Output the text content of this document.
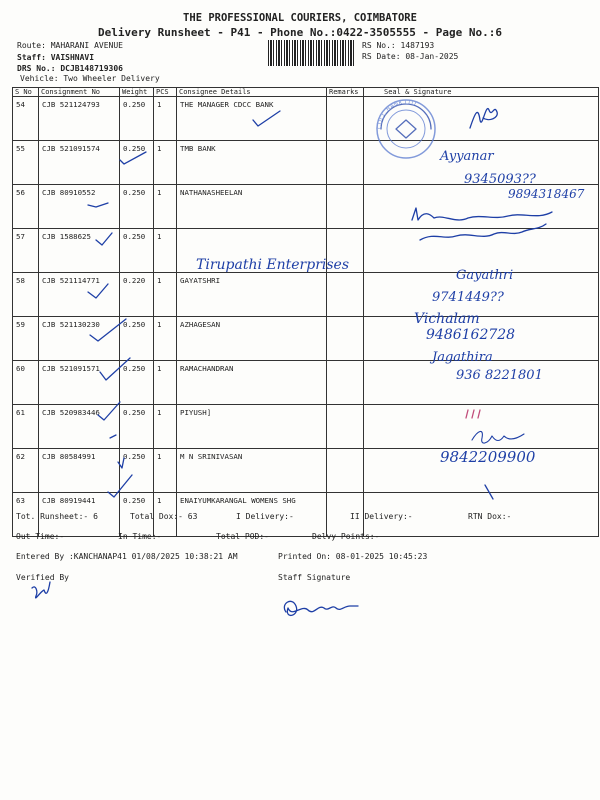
THE PROFESSIONAL COURIERS, COIMBATORE
Delivery Runsheet - P41 - Phone No.:0422-3505555 - Page No.:6
Route: MAHARANI AVENUE
Staff: VAISHNAVI
DRS No.: DCJB148719306
Vehicle: Two Wheeler Delivery
RS No.: 1487193
RS Date: 08-Jan-2025
S No	Consignment No	Weight	PCS	Consignee Details	Remarks	Seal & Signature
54	CJB 521124793	0.250	1	THE MANAGER CDCC BANK		
55	CJB 521091574	0.250	1	TMB BANK		
56	CJB 80910552	0.250	1	NATHANASHEELAN		
57	CJB 1588625	0.250	1			
58	CJB 521114771	0.220	1	GAYATSHRI		
59	CJB 521130230	0.250	1	AZHAGESAN		
60	CJB 521091571	0.250	1	RAMACHANDRAN		
61	CJB 520983446	0.250	1	PIYUSH]		
62	CJB 80584991	0.250	1	M N SRINIVASAN		
63	CJB 80919441	0.250	1	ENAIYUMKARANGAL WOMENS SHG		
Tot. Runsheet:- 6	Total Dox:- 63	I Delivery:-	II Delivery:-	RTN Dox:-
Out Time:-	In Time:-	Total POD:-	Delvy Points:-
Entered By :KANCHANAP41 01/08/2025 10:38:21 AM	Printed On: 08-01-2025 10:45:23
Verified By	Staff Signature
CDCC BANK LTD
Ayyanar
9345093??
9894318467
Tirupathi Enterprises
Gayathri
9741449??
Vichalam
9486162728
Jagathira
936 8221801
9842209900
